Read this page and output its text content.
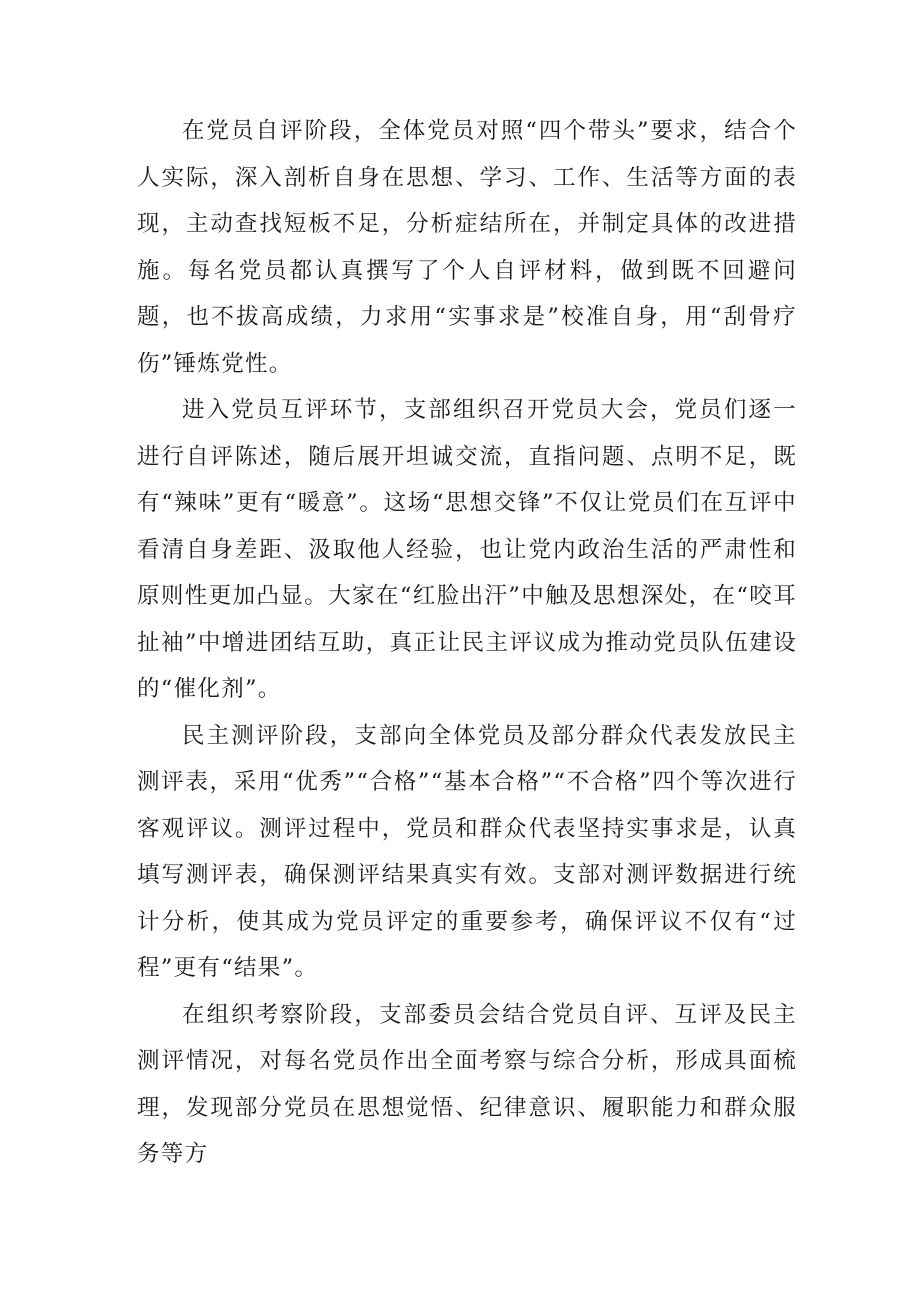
在党员自评阶段，全体党员对照“四个带头”要求，结合个人实际，深入剖析自身在思想、学习、工作、生活等方面的表现，主动查找短板不足，分析症结所在，并制定具体的改进措施。每名党员都认真撰写了个人自评材料，做到既不回避问题，也不拔高成绩，力求用“实事求是”校准自身，用“刮骨疗伤”锤炼党性。

进入党员互评环节，支部组织召开党员大会，党员们逐一进行自评陈述，随后展开坦诚交流，直指问题、点明不足，既有“辣味”更有“暖意”。这场“思想交锋”不仅让党员们在互评中看清自身差距、汲取他人经验，也让党内政治生活的严肃性和原则性更加凸显。大家在“红脸出汗”中触及思想深处，在“咬耳扯袖”中增进团结互助，真正让民主评议成为推动党员队伍建设的“催化剂”。

民主测评阶段，支部向全体党员及部分群众代表发放民主测评表，采用“优秀”“合格”“基本合格”“不合格”四个等次进行客观评议。测评过程中，党员和群众代表坚持实事求是，认真填写测评表，确保测评结果真实有效。支部对测评数据进行统计分析，使其成为党员评定的重要参考，确保评议不仅有“过程”更有“结果”。

在组织考察阶段，支部委员会结合党员自评、互评及民主测评情况，对每名党员作出全面考察与综合分析，形成具面梳理，发现部分党员在思想觉悟、纪律意识、履职能力和群众服务等方
